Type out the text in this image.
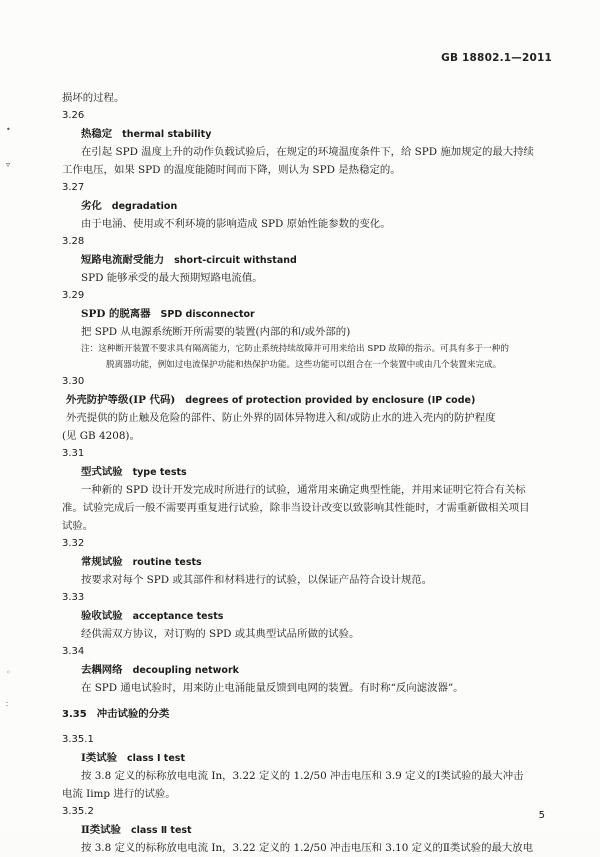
•
▿
◦
∶
GB 18802.1—2011
损坏的过程。
3.26
热稳定 thermal stability
在引起 SPD 温度上升的动作负载试验后，在规定的环境温度条件下，给 SPD 施加规定的最大持续
工作电压，如果 SPD 的温度能随时间而下降，则认为 SPD 是热稳定的。
3.27
劣化 degradation
由于电涌、使用或不利环境的影响造成 SPD 原始性能参数的变化。
3.28
短路电流耐受能力 short-circuit withstand
SPD 能够承受的最大预期短路电流值。
3.29
SPD 的脱离器 SPD disconnector
把 SPD 从电源系统断开所需要的装置(内部的和/或外部的)
注：这种断开装置不要求具有隔离能力，它防止系统持续故障并可用来给出 SPD 故障的指示。可具有多于一种的
脱离器功能，例如过电流保护功能和热保护功能。这些功能可以组合在一个装置中或由几个装置来完成。
3.30
外壳防护等级(IP 代码) degrees of protection provided by enclosure (IP code)
外壳提供的防止触及危险的部件、防止外界的固体异物进入和/或防止水的进入壳内的防护程度
(见 GB 4208)。
3.31
型式试验 type tests
一种新的 SPD 设计开发完成时所进行的试验，通常用来确定典型性能，并用来证明它符合有关标
准。试验完成后一般不需要再重复进行试验，除非当设计改变以致影响其性能时，才需重新做相关项目
试验。
3.32
常规试验 routine tests
按要求对每个 SPD 或其部件和材料进行的试验，以保证产品符合设计规范。
3.33
验收试验 acceptance tests
经供需双方协议，对订购的 SPD 或其典型试品所做的试验。
3.34
去耦网络 decoupling network
在 SPD 通电试验时，用来防止电涌能量反馈到电网的装置。有时称“反向滤波器”。
3.35 冲击试验的分类
3.35.1
Ⅰ类试验 class Ⅰ test
按 3.8 定义的标称放电电流 In，3.22 定义的 1.2/50 冲击电压和 3.9 定义的Ⅰ类试验的最大冲击
电流 Iimp 进行的试验。
3.35.2
Ⅱ类试验 class Ⅱ test
按 3.8 定义的标称放电电流 In，3.22 定义的 1.2/50 冲击电压和 3.10 定义的Ⅱ类试验的最大放电
5
